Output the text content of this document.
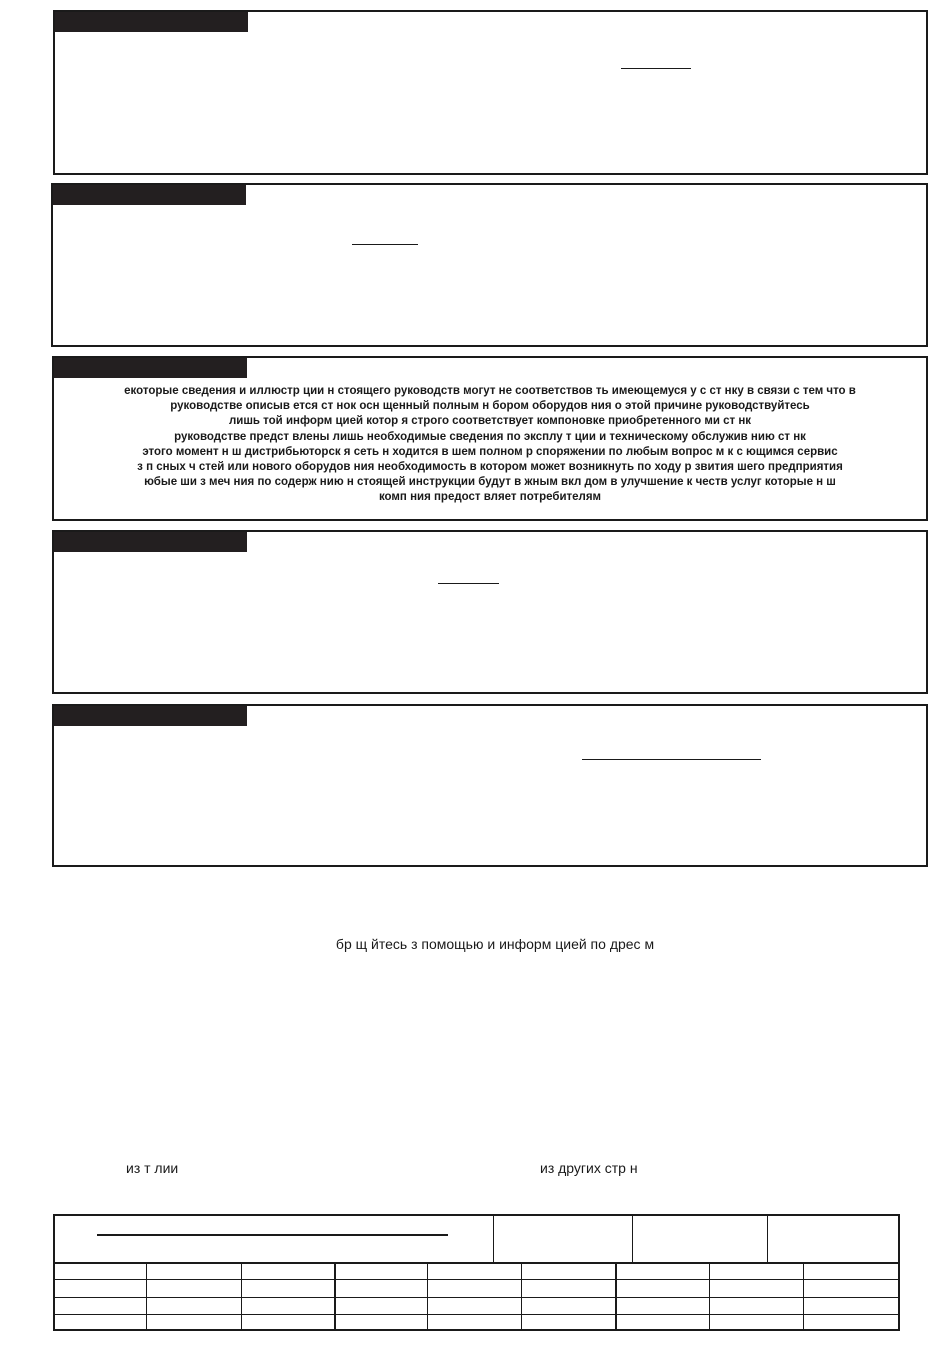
екоторые сведения и иллюстр ции н стоящего руководств могут не соответствов ть имеющемуся у с ст нку в связи с тем что в
руководстве описыв ется ст нок осн щенный полным н бором оборудов ния о этой причине руководствуйтесь
лишь той информ цией котор я строго соответствует компоновке приобретенного ми ст нк
руководстве предст влены лишь необходимые сведения по эксплу т ции и техническому обслужив нию ст нк
этого момент н ш дистрибьюторск я сеть н ходится в шем полном р споряжении по любым вопрос м к с ющимся сервис
з п сных ч стей или нового оборудов ния необходимость в котором может возникнуть по ходу р звития шего предприятия
юбые ши з меч ния по содерж нию н стоящей инструкции будут в жным вкл дом в улучшение к честв услуг которые н ш
комп ния предост вляет потребителям
бр щ йтесь з помощью и информ цией по дрес м
из т лии	из других стр н
